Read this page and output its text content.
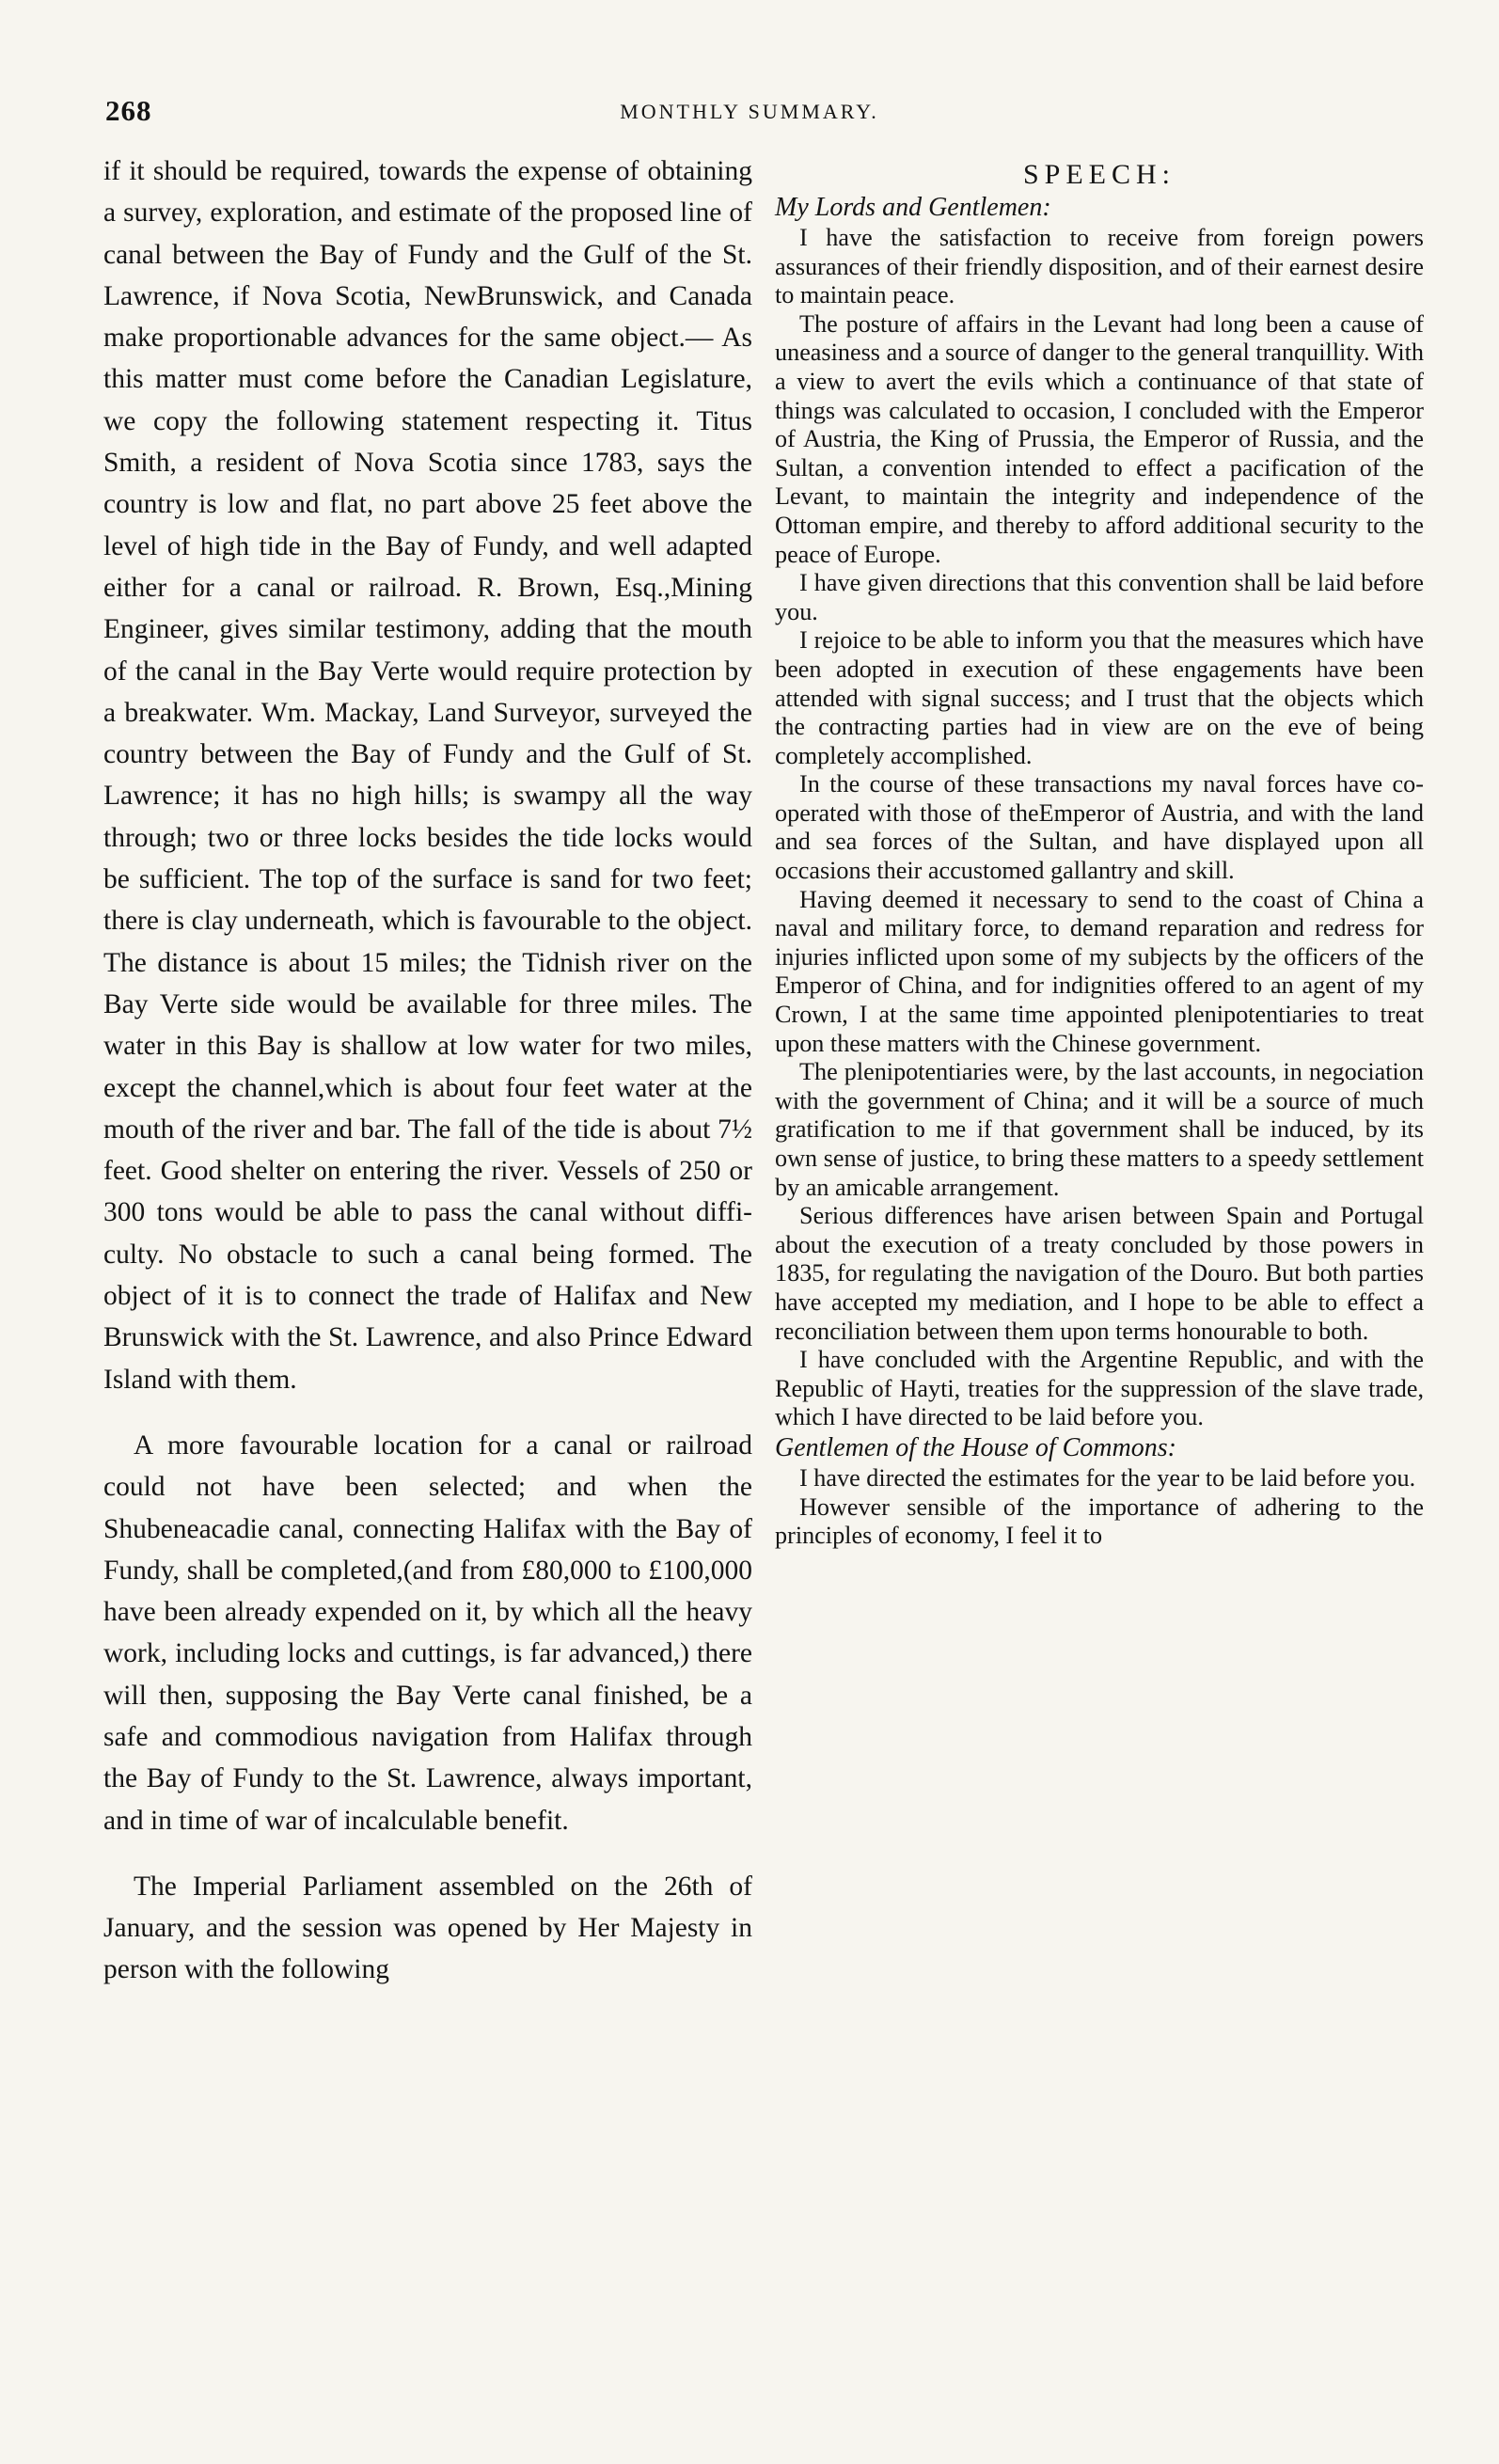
268	MONTHLY SUMMARY.

if it should be required, towards the expense of obtaining a survey, exploration, and estimate of the proposed line of canal between the Bay of Fundy and the Gulf of the St. Lawrence, if Nova Scotia, NewBrunswick, and Canada make proportionable advances for the same object.— As this matter must come before the Canadian Legislature, we copy the following statement respecting it. Titus Smith, a resident of Nova Scotia since 1783, says the country is low and flat, no part above 25 feet above the level of high tide in the Bay of Fundy, and well adapted either for a canal or railroad. R. Brown, Esq.,Mining Engineer, gives similar testimony, adding that the mouth of the canal in the Bay Verte would require protection by a breakwater. Wm. Mackay, Land Surveyor, surveyed the country between the Bay of Fundy and the Gulf of St. Lawrence; it has no high hills; is swampy all the way through; two or three locks besides the tide locks would be sufficient. The top of the surface is sand for two feet; there is clay underneath, which is favourable to the object. The distance is about 15 miles; the Tidnish river on the Bay Verte side would be available for three miles. The water in this Bay is shallow at low water for two miles, except the channel,which is about four feet water at the mouth of the river and bar. The fall of the tide is about 7½ feet. Good shelter on entering the river. Vessels of 250 or 300 tons would be able to pass the canal without difficulty. No obstacle to such a canal being formed. The object of it is to connect the trade of Halifax and New Brunswick with the St. Lawrence, and also Prince Edward Island with them.

A more favourable location for a canal or railroad could not have been selected; and when the Shubeneacadie canal, connecting Halifax with the Bay of Fundy, shall be completed,(and from £80,000 to £100,000 have been already expended on it, by which all the heavy work, including locks and cuttings, is far advanced,) there will then, supposing the Bay Verte canal finished, be a safe and commodious navigation from Halifax through the Bay of Fundy to the St. Lawrence, always important, and in time of war of incalculable benefit.

The Imperial Parliament assembled on the 26th of January, and the session was opened by Her Majesty in person with the following

SPEECH:

My Lords and Gentlemen:

I have the satisfaction to receive from foreign powers assurances of their friendly disposition, and of their earnest desire to maintain peace.

The posture of affairs in the Levant had long been a cause of uneasiness and a source of danger to the general tranquillity. With a view to avert the evils which a continuance of that state of things was calculated to occasion, I concluded with the Emperor of Austria, the King of Prussia, the Emperor of Russia, and the Sultan, a convention intended to effect a pacification of the Levant, to maintain the integrity and independence of the Ottoman empire, and thereby to afford additional security to the peace of Europe.

I have given directions that this convention shall be laid before you.

I rejoice to be able to inform you that the measures which have been adopted in execution of these engagements have been attended with signal success; and I trust that the objects which the contracting parties had in view are on the eve of being completely accomplished.

In the course of these transactions my naval forces have co-operated with those of theEmperor of Austria, and with the land and sea forces of the Sultan, and have displayed upon all occasions their accustomed gallantry and skill.

Having deemed it necessary to send to the coast of China a naval and military force, to demand reparation and redress for injuries inflicted upon some of my subjects by the officers of the Emperor of China, and for indignities offered to an agent of my Crown, I at the same time appointed plenipotentiaries to treat upon these matters with the Chinese government.

The plenipotentiaries were, by the last accounts, in negociation with the government of China; and it will be a source of much gratification to me if that government shall be induced, by its own sense of justice, to bring these matters to a speedy settlement by an amicable arrangement.

Serious differences have arisen between Spain and Portugal about the execution of a treaty concluded by those powers in 1835, for regulating the navigation of the Douro. But both parties have accepted my mediation, and I hope to be able to effect a reconciliation between them upon terms honourable to both.

I have concluded with the Argentine Republic, and with the Republic of Hayti, treaties for the suppression of the slave trade, which I have directed to be laid before you.

Gentlemen of the House of Commons:

I have directed the estimates for the year to be laid before you.

However sensible of the importance of adhering to the principles of economy, I feel it to
